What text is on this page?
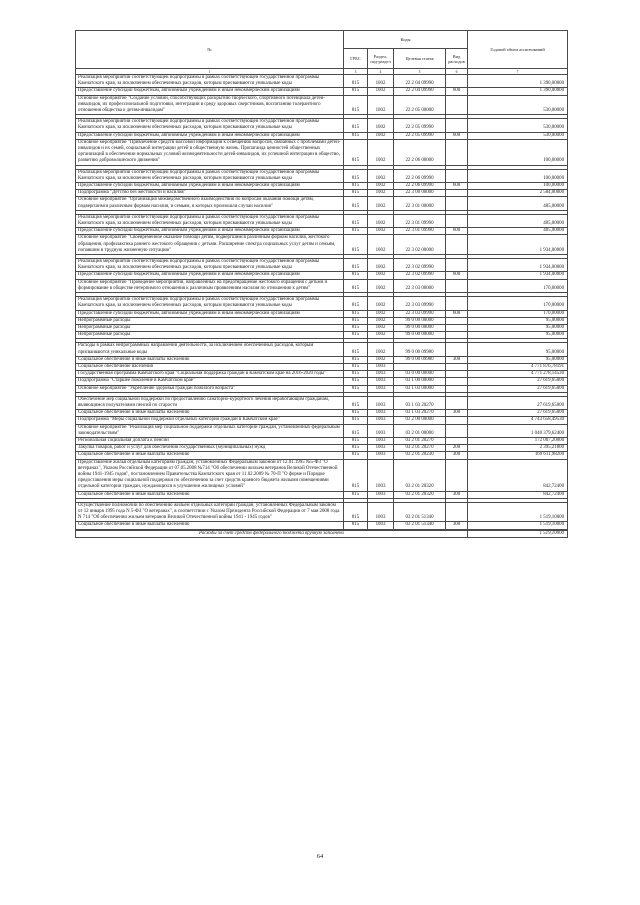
№	Коды				Годовой объем ассигнований
	ГРБС	Раздел, под-раздел	Целевая статья	Вид расходов	
1	3	4	5	6	7
Реализация мероприятий соответствующей подпрограммы в рамках соответствующей государственной программы Камчатского края, за исключением обеспеченных расходов, которым присваиваются уникальные коды	815	1002	22 2 04 09990		1 390,00000
Предоставление субсидий бюджетным, автономным учреждениям и иным некоммерческим организациям	815	1002	22 2 04 09990	600	1 390,00000
Основное мероприятие "Создание условий, способствующих раскрытию творческого, спортивного потенциала детей-инвалидов, их профессиональной подготовки, интеграции в среду здоровых сверстников, воспитанию толерантного отношения общества к детям-инвалидам"	815	1002	22 2 05 00000		530,00000

Реализация мероприятий соответствующей подпрограммы в рамках соответствующей государственной программы Камчатского края, за исключением обеспеченных расходов, которым присваиваются уникальные коды	815	1002	22 2 05 09990		530,00000
Предоставление субсидий бюджетным, автономным учреждениям и иным некоммерческим организациям	815	1002	22 2 05 09990	600	530,00000
Основное мероприятие "Привлечение средств массовой информации к освещению вопросов, связанных с проблемами детей-инвалидов и их семей, социальной интеграции детей в общественную жизнь. Пропаганда ценностей общественных организаций в обеспечении нормальных условий жизнедеятельности детей-инвалидов, их успешной интеграции в общество, развитию добровольческого движения"	815	1002	22 2 06 00000		100,00000

Реализация мероприятий соответствующей подпрограммы в рамках соответствующей государственной программы Камчатского края, за исключением обеспеченных расходов, которым присваиваются уникальные коды	815	1002	22 2 06 09990		100,00000
Предоставление субсидий бюджетным, автономным учреждениям и иным некоммерческим организациям	815	1002	22 2 06 09990	600	100,00000
Подпрограмма "Детство без жестокости и насилия"	815	1002	22 3 00 00000		2 584,00000
Основное мероприятие "Организация межведомственного взаимодействия по вопросам оказания помощи детям, подвергшимся различным формам насилия, и семьям, в которых произошли случаи насилия"	815	1002	22 3 01 00000		485,00000

Реализация мероприятий соответствующей подпрограммы в рамках соответствующей государственной программы Камчатского края, за исключением обеспеченных расходов, которым присваиваются уникальные коды	815	1002	22 3 01 09990		485,00000
Предоставление субсидий бюджетным, автономным учреждениям и иным некоммерческим организациям	815	1002	22 3 01 09990	600	485,00000
Основное мероприятие "Своевременное оказание помощи детям, подвергшимся различным формам насилия, жестокого обращения, профилактика раннего жестокого обращения с детьми. Расширение спектра социальных услуг детям и семьям, попавшим в трудную жизненную ситуацию"	815	1002	22 3 02 00000		1 934,00000

Реализация мероприятий соответствующей подпрограммы в рамках соответствующей государственной программы Камчатского края, за исключением обеспеченных расходов, которым присваиваются уникальные коды	815	1002	22 3 02 09990		1 934,00000
Предоставление субсидий бюджетным, автономным учреждениям и иным некоммерческим организациям	815	1002	22 3 02 09990	600	1 934,00000
Основное мероприятие "Проведение мероприятий, направленных на предотвращение жестокого обращения с детьми и формирование в обществе нетерпимого отношения к различным проявлениям насилия по отношению к детям"	815	1002	22 3 03 00000		170,00000

Реализация мероприятий соответствующей подпрограммы в рамках соответствующей государственной программы Камчатского края, за исключением обеспеченных расходов, которым присваиваются уникальные коды	815	1002	22 3 03 09990		170,00000
Предоставление субсидий бюджетным, автономным учреждениям и иным некоммерческим организациям	815	1002	22 3 03 09990	600	170,00000
Непрограммные расходы	815	1002	99 0 00 00000		95,00000
Непрограммные расходы	815	1002	99 0 00 00000		95,00000
Непрограммные расходы	815	1002	99 0 00 00000		95,00000

Расходы в рамках непрограммных направлений деятельности, за исключением обеспеченных расходов, которым присваиваются уникальные коды	815	1002	99 0 00 09980		95,00000
Социальное обеспечение и иные выплаты населению	815	1002	99 0 00 09980	300	95,00000
Социальное обеспечение населения	815	1003			4 771 876,78191
Государственная программа Камчатского края "Социальная поддержка граждан в Камчатском крае на 2016-2020 годы"	815	1003	03 0 00 00000		4 771 278,14530
Подпрограмма "Старшее поколение в Камчатском крае"	815	1003	03 1 00 00000		27 619,65000
Основное мероприятие "Укрепление здоровья граждан пожилого возраста"	815	1003	03 1 03 00000		27 619,65000

Обеспечение мер социальной поддержки по предоставлению санаторно-курортного лечения неработающим гражданам, являющимся получателями пенсий по старости	815	1003	03 1 03 20270		27 619,65000
Социальное обеспечение и иные выплаты населению	815	1003	03 1 03 20270	300	27 619,65000
Подпрограмма "Меры социальной поддержки отдельных категорий граждан в Камчатском крае"	815	1003	03 2 00 00000		4 743 658,49530
Основное мероприятие "Реализация мер социальной поддержки отдельных категорий граждан, установленных федеральным законодательством"	815	1003	03 2 01 00000		1 040 379,62400
Региональная социальная доплата к пенсии	815	1003	03 2 01 20270		172 007,20000
Закупка товаров, работ и услуг для обеспечения государственных (муниципальных) нужд	815	1003	03 2 01 20270	200	2 395,21800
Социальное обеспечение и иные выплаты населению	815	1003	03 2 01 20230	300	169 611,98200
Предоставление жилья отдельным категориям граждан, установленных Федеральным законом от 12.01.1995 №5-ФЗ "О ветеранах", Указом Российской Федерации от 07.05.2008 №714 "Об обеспечении жильем ветеранов Великой Отечественной войны 1941-1945 годов", постановлением Правительства Камчатского края от 11.02.2009 № 70-П "О форме и Порядке предоставления меры социальной поддержки по обеспечению за счет средств краевого бюджета жилыми помещениями отдельной категории граждан, нуждающихся в улучшении жилищных условий"	815	1003	03 2 01 20320		842,72400
Социальное обеспечение и иные выплаты населению	815	1003	03 2 01 20320	300	842,72400

Осуществление полномочий по обеспечению жильем отдельных категорий граждан, установленных Федеральным законом от 12 января 1995 года N 5-ФЗ "О ветеранах", в соответствии с Указом Президента Российской Федерации от 7 мая 2008 года N 714 "Об обеспечении жильем ветеранов Великой Отечественной войны 1941 - 1945 годов"	815	1003	03 2 01 51340		1 519,10000
Социальное обеспечение и иные выплаты населению	815	1003	03 2 01 51340	300	1 519,10000
Расходы за счет средств федерального бюджета вручную заполнено	1 519,10000
64
